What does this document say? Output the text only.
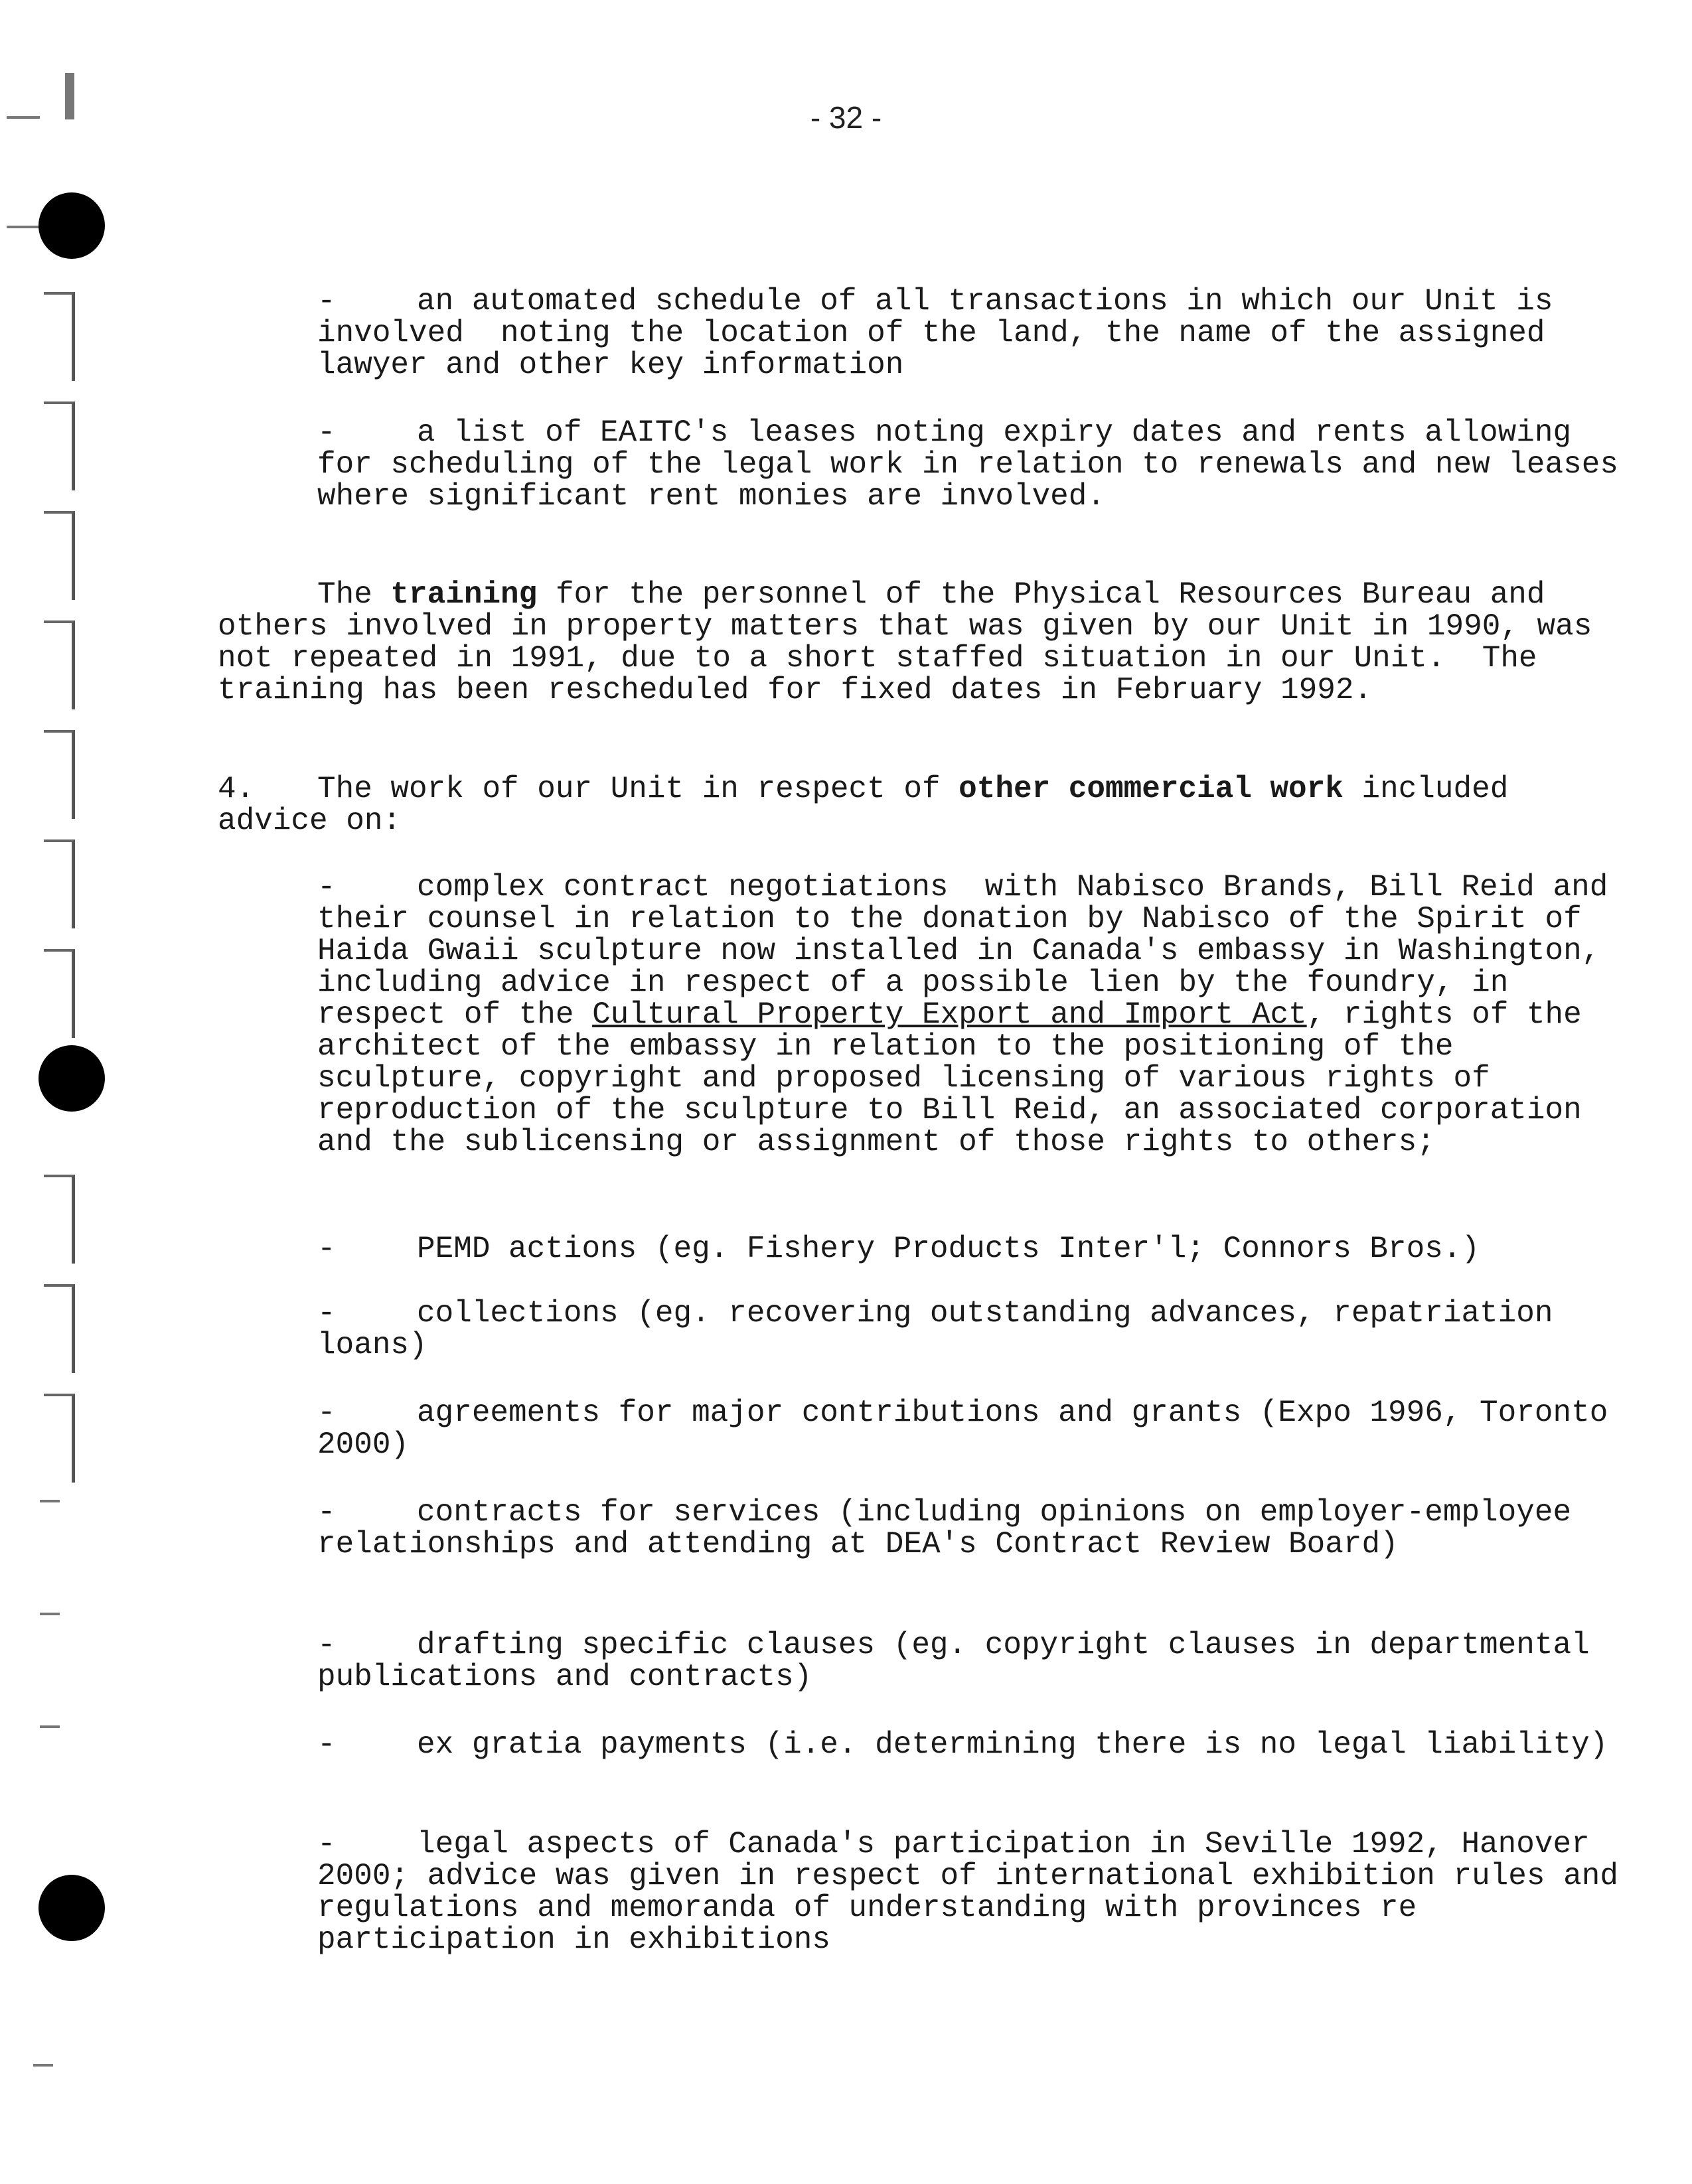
- 32 -

-	an automated schedule of all transactions in which our Unit is involved  noting the location of the land, the name of the assigned lawyer and other key information

-	a list of EAITC's leases noting expiry dates and rents allowing for scheduling of the legal work in relation to renewals and new leases  where significant rent monies are involved.

The training for the personnel of the Physical Resources Bureau and others involved in property matters that was given by our Unit in 1990, was not repeated in 1991, due to a short staffed situation in our Unit.  The training has been rescheduled for fixed dates in February 1992.

4. The work of our Unit in respect of other commercial work included advice on:

-	complex contract negotiations  with Nabisco Brands, Bill Reid and their counsel in relation to the donation by Nabisco of the Spirit of Haida Gwaii sculpture now installed in Canada's embassy in Washington, including advice in respect of a possible lien by the foundry, in respect of the Cultural Property Export and Import Act, rights of the architect of the embassy in relation to the positioning of the sculpture, copyright and proposed licensing of various rights of reproduction of the sculpture to Bill Reid, an associated corporation and the sublicensing or assignment of those rights to others;

-	PEMD actions (eg. Fishery Products Inter'l; Connors Bros.)

-	collections (eg. recovering outstanding advances, repatriation loans)

-	agreements for major contributions and grants (Expo 1996, Toronto 2000)

-	contracts for services (including opinions on employer-employee relationships and attending at DEA's Contract Review Board)

-	drafting specific clauses (eg. copyright clauses in departmental publications and contracts)

-	ex gratia payments (i.e. determining there is no legal liability)

-	legal aspects of Canada's participation in Seville 1992, Hanover 2000; advice was given in respect of international exhibition rules and regulations and memoranda of understanding with provinces re participation in exhibitions
